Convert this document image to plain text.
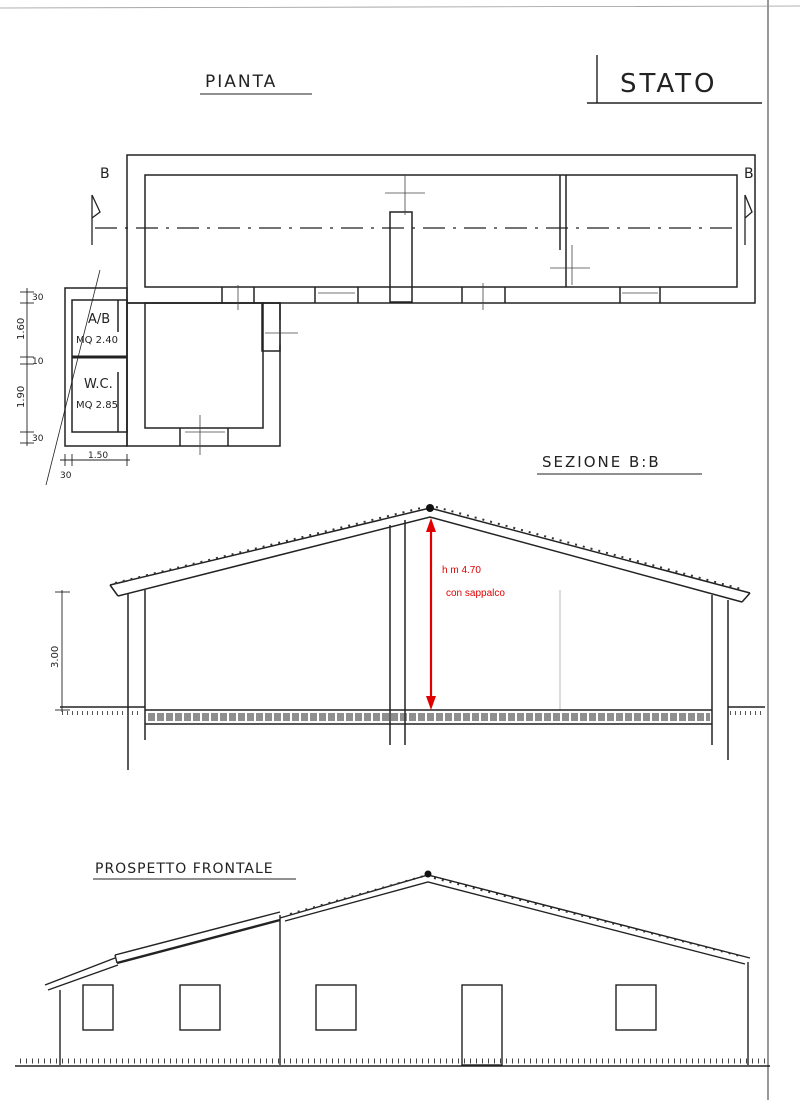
PIANTA	STATO
B	B
A/B
MQ 2.40
W.C.
MQ 2.85
30
1.60
10
1.90
30
30
1.50	SEZIONE B:B
3.00
h m 4.70
con sappalco
PROSPETTO FRONTALE
